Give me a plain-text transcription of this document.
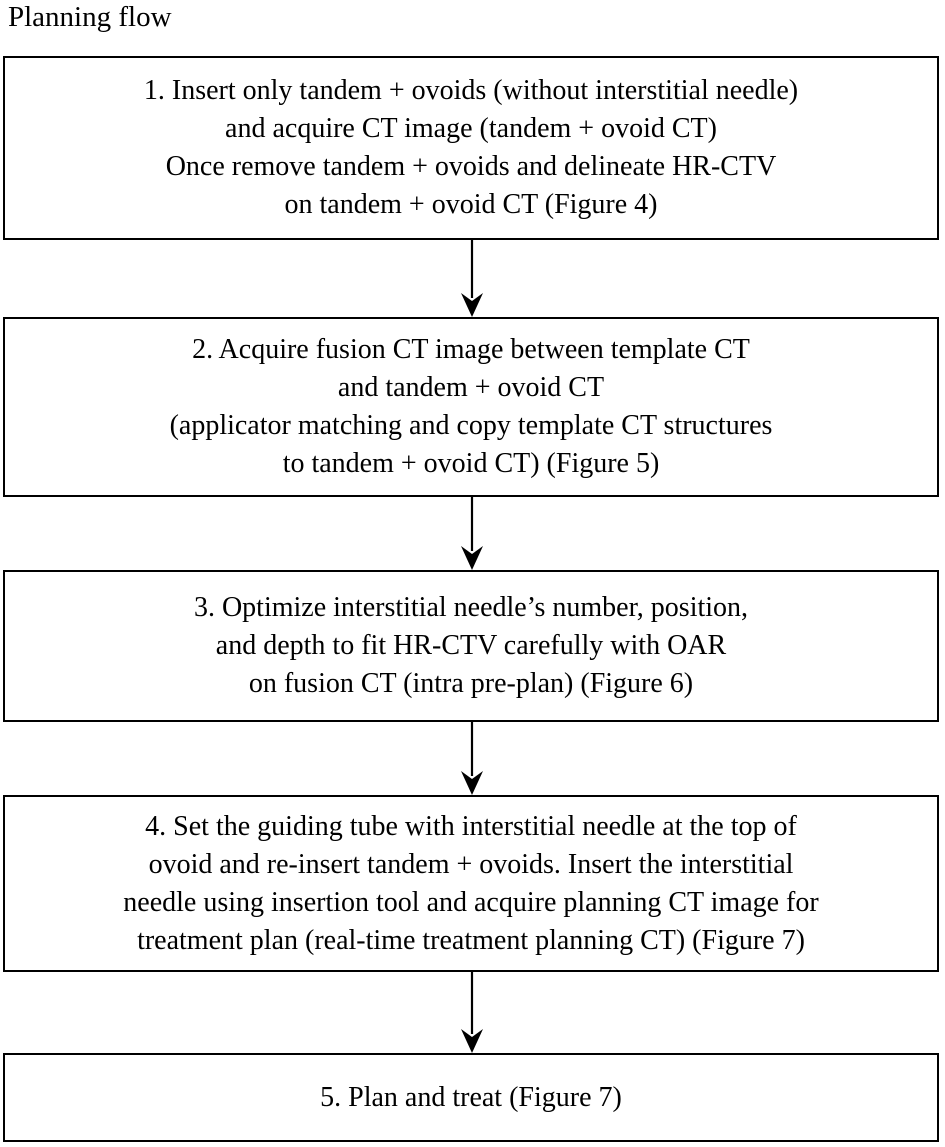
Planning flow
1. Insert only tandem + ovoids (without interstitial needle)
and acquire CT image (tandem + ovoid CT)
Once remove tandem + ovoids and delineate HR-CTV
on tandem + ovoid CT (Figure 4)
2. Acquire fusion CT image between template CT
and tandem + ovoid CT
(applicator matching and copy template CT structures
to tandem + ovoid CT) (Figure 5)
3. Optimize interstitial needle’s number, position,
and depth to fit HR-CTV carefully with OAR
on fusion CT (intra pre-plan) (Figure 6)
4. Set the guiding tube with interstitial needle at the top of
ovoid and re-insert tandem + ovoids. Insert the interstitial
needle using insertion tool and acquire planning CT image for
treatment plan (real-time treatment planning CT) (Figure 7)
5. Plan and treat (Figure 7)
